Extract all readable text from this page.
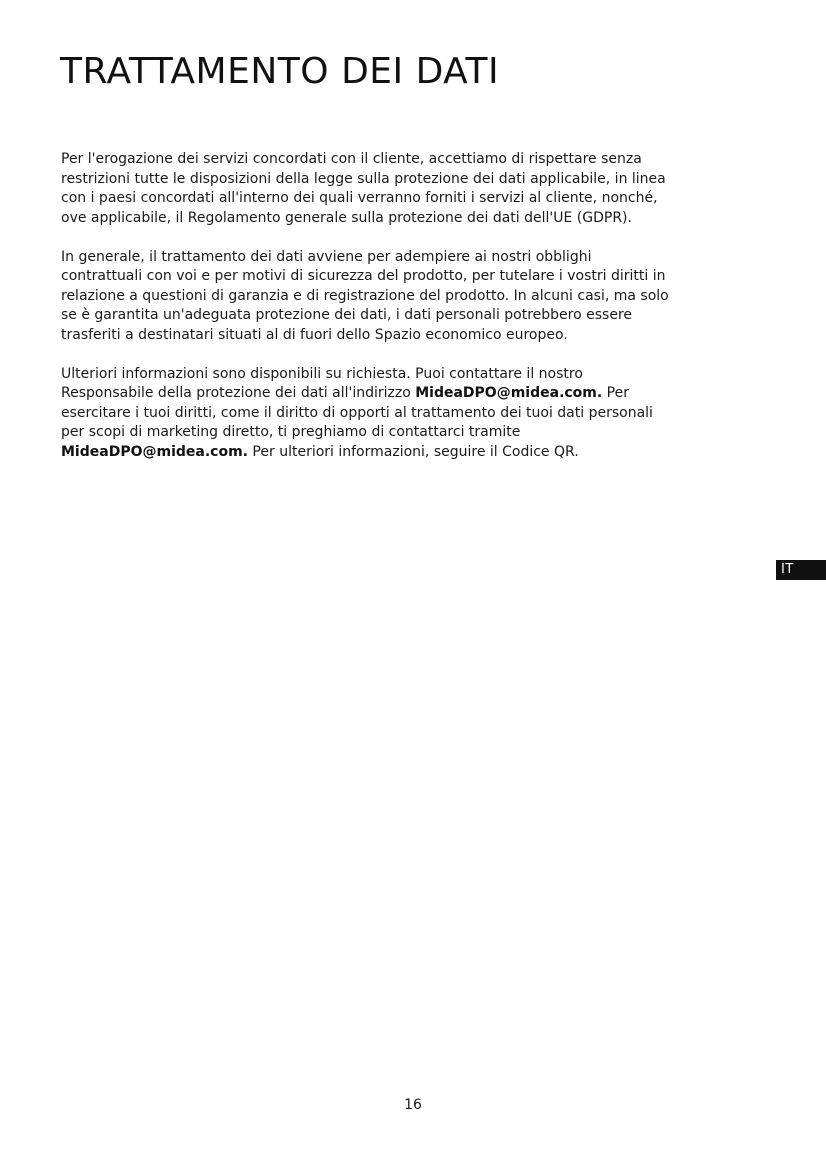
TRATTAMENTO DEI DATI

Per l'erogazione dei servizi concordati con il cliente, accettiamo di rispettare senza
restrizioni tutte le disposizioni della legge sulla protezione dei dati applicabile, in linea
con i paesi concordati all'interno dei quali verranno forniti i servizi al cliente, nonché,
ove applicabile, il Regolamento generale sulla protezione dei dati dell'UE (GDPR).

In generale, il trattamento dei dati avviene per adempiere ai nostri obblighi
contrattuali con voi e per motivi di sicurezza del prodotto, per tutelare i vostri diritti in
relazione a questioni di garanzia e di registrazione del prodotto. In alcuni casi, ma solo
se è garantita un'adeguata protezione dei dati, i dati personali potrebbero essere
trasferiti a destinatari situati al di fuori dello Spazio economico europeo.

Ulteriori informazioni sono disponibili su richiesta. Puoi contattare il nostro
Responsabile della protezione dei dati all'indirizzo MideaDPO@midea.com. Per
esercitare i tuoi diritti, come il diritto di opporti al trattamento dei tuoi dati personali
per scopi di marketing diretto, ti preghiamo di contattarci tramite
MideaDPO@midea.com. Per ulteriori informazioni, seguire il Codice QR.

IT
16
